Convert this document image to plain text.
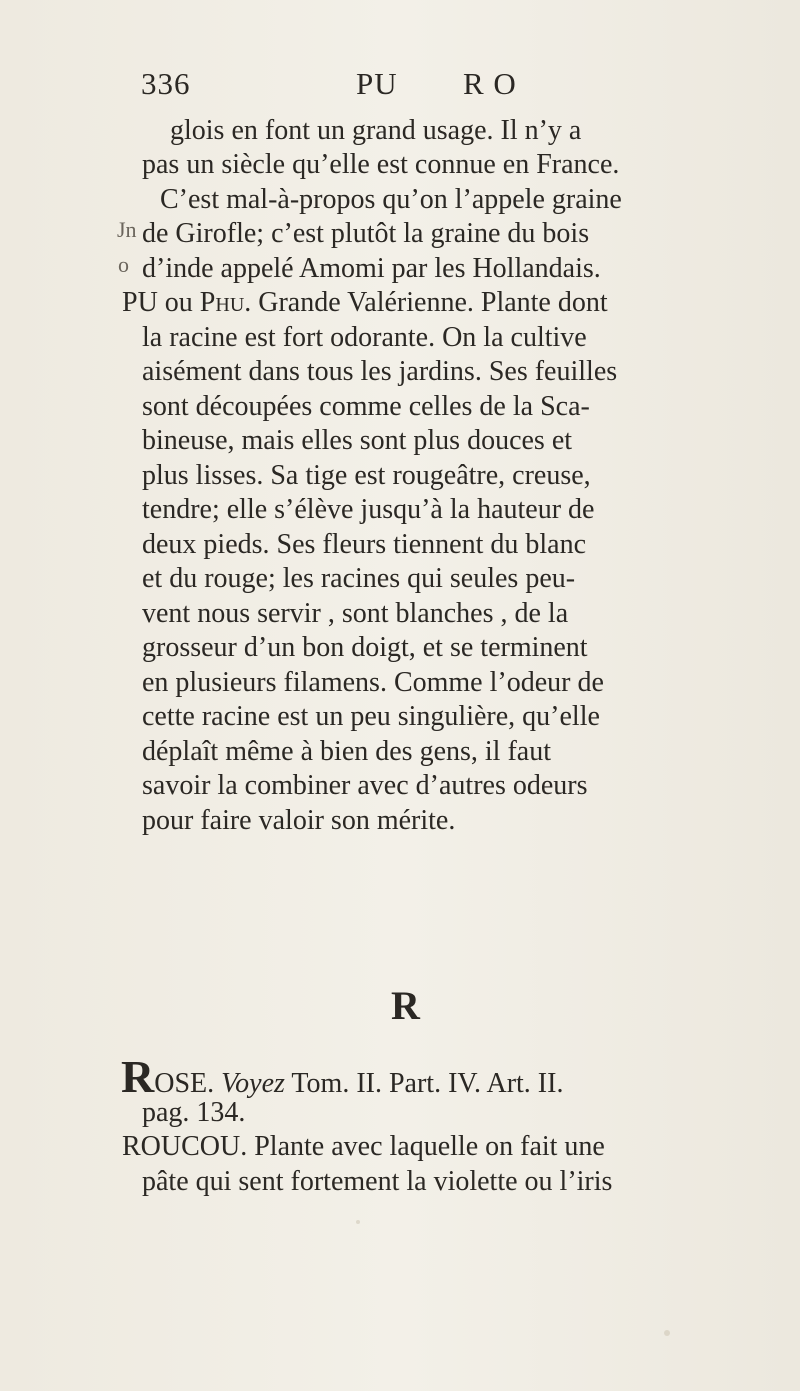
336	PU R O
Jn
o
glois en font un grand usage. Il n’y a
pas un siècle qu’elle est connue en France.
C’est mal-à-propos qu’on l’appele graine
de Girofle; c’est plutôt la graine du bois
d’inde appelé Amomi par les Hollandais.
PU ou Phu. Grande Valérienne. Plante dont
la racine est fort odorante. On la cultive
aisément dans tous les jardins. Ses feuilles
sont découpées comme celles de la Sca-
bineuse, mais elles sont plus douces et
plus lisses. Sa tige est rougeâtre, creuse,
tendre; elle s’élève jusqu’à la hauteur de
deux pieds. Ses fleurs tiennent du blanc
et du rouge; les racines qui seules peu-
vent nous servir , sont blanches , de la
grosseur d’un bon doigt, et se terminent
en plusieurs filamens. Comme l’odeur de
cette racine est un peu singulière, qu’elle
déplaît même à bien des gens, il faut
savoir la combiner avec d’autres odeurs
pour faire valoir son mérite.
R
ROSE. Voyez Tom. II. Part. IV. Art. II.
pag. 134.
ROUCOU. Plante avec laquelle on fait une
pâte qui sent fortement la violette ou l’iris
